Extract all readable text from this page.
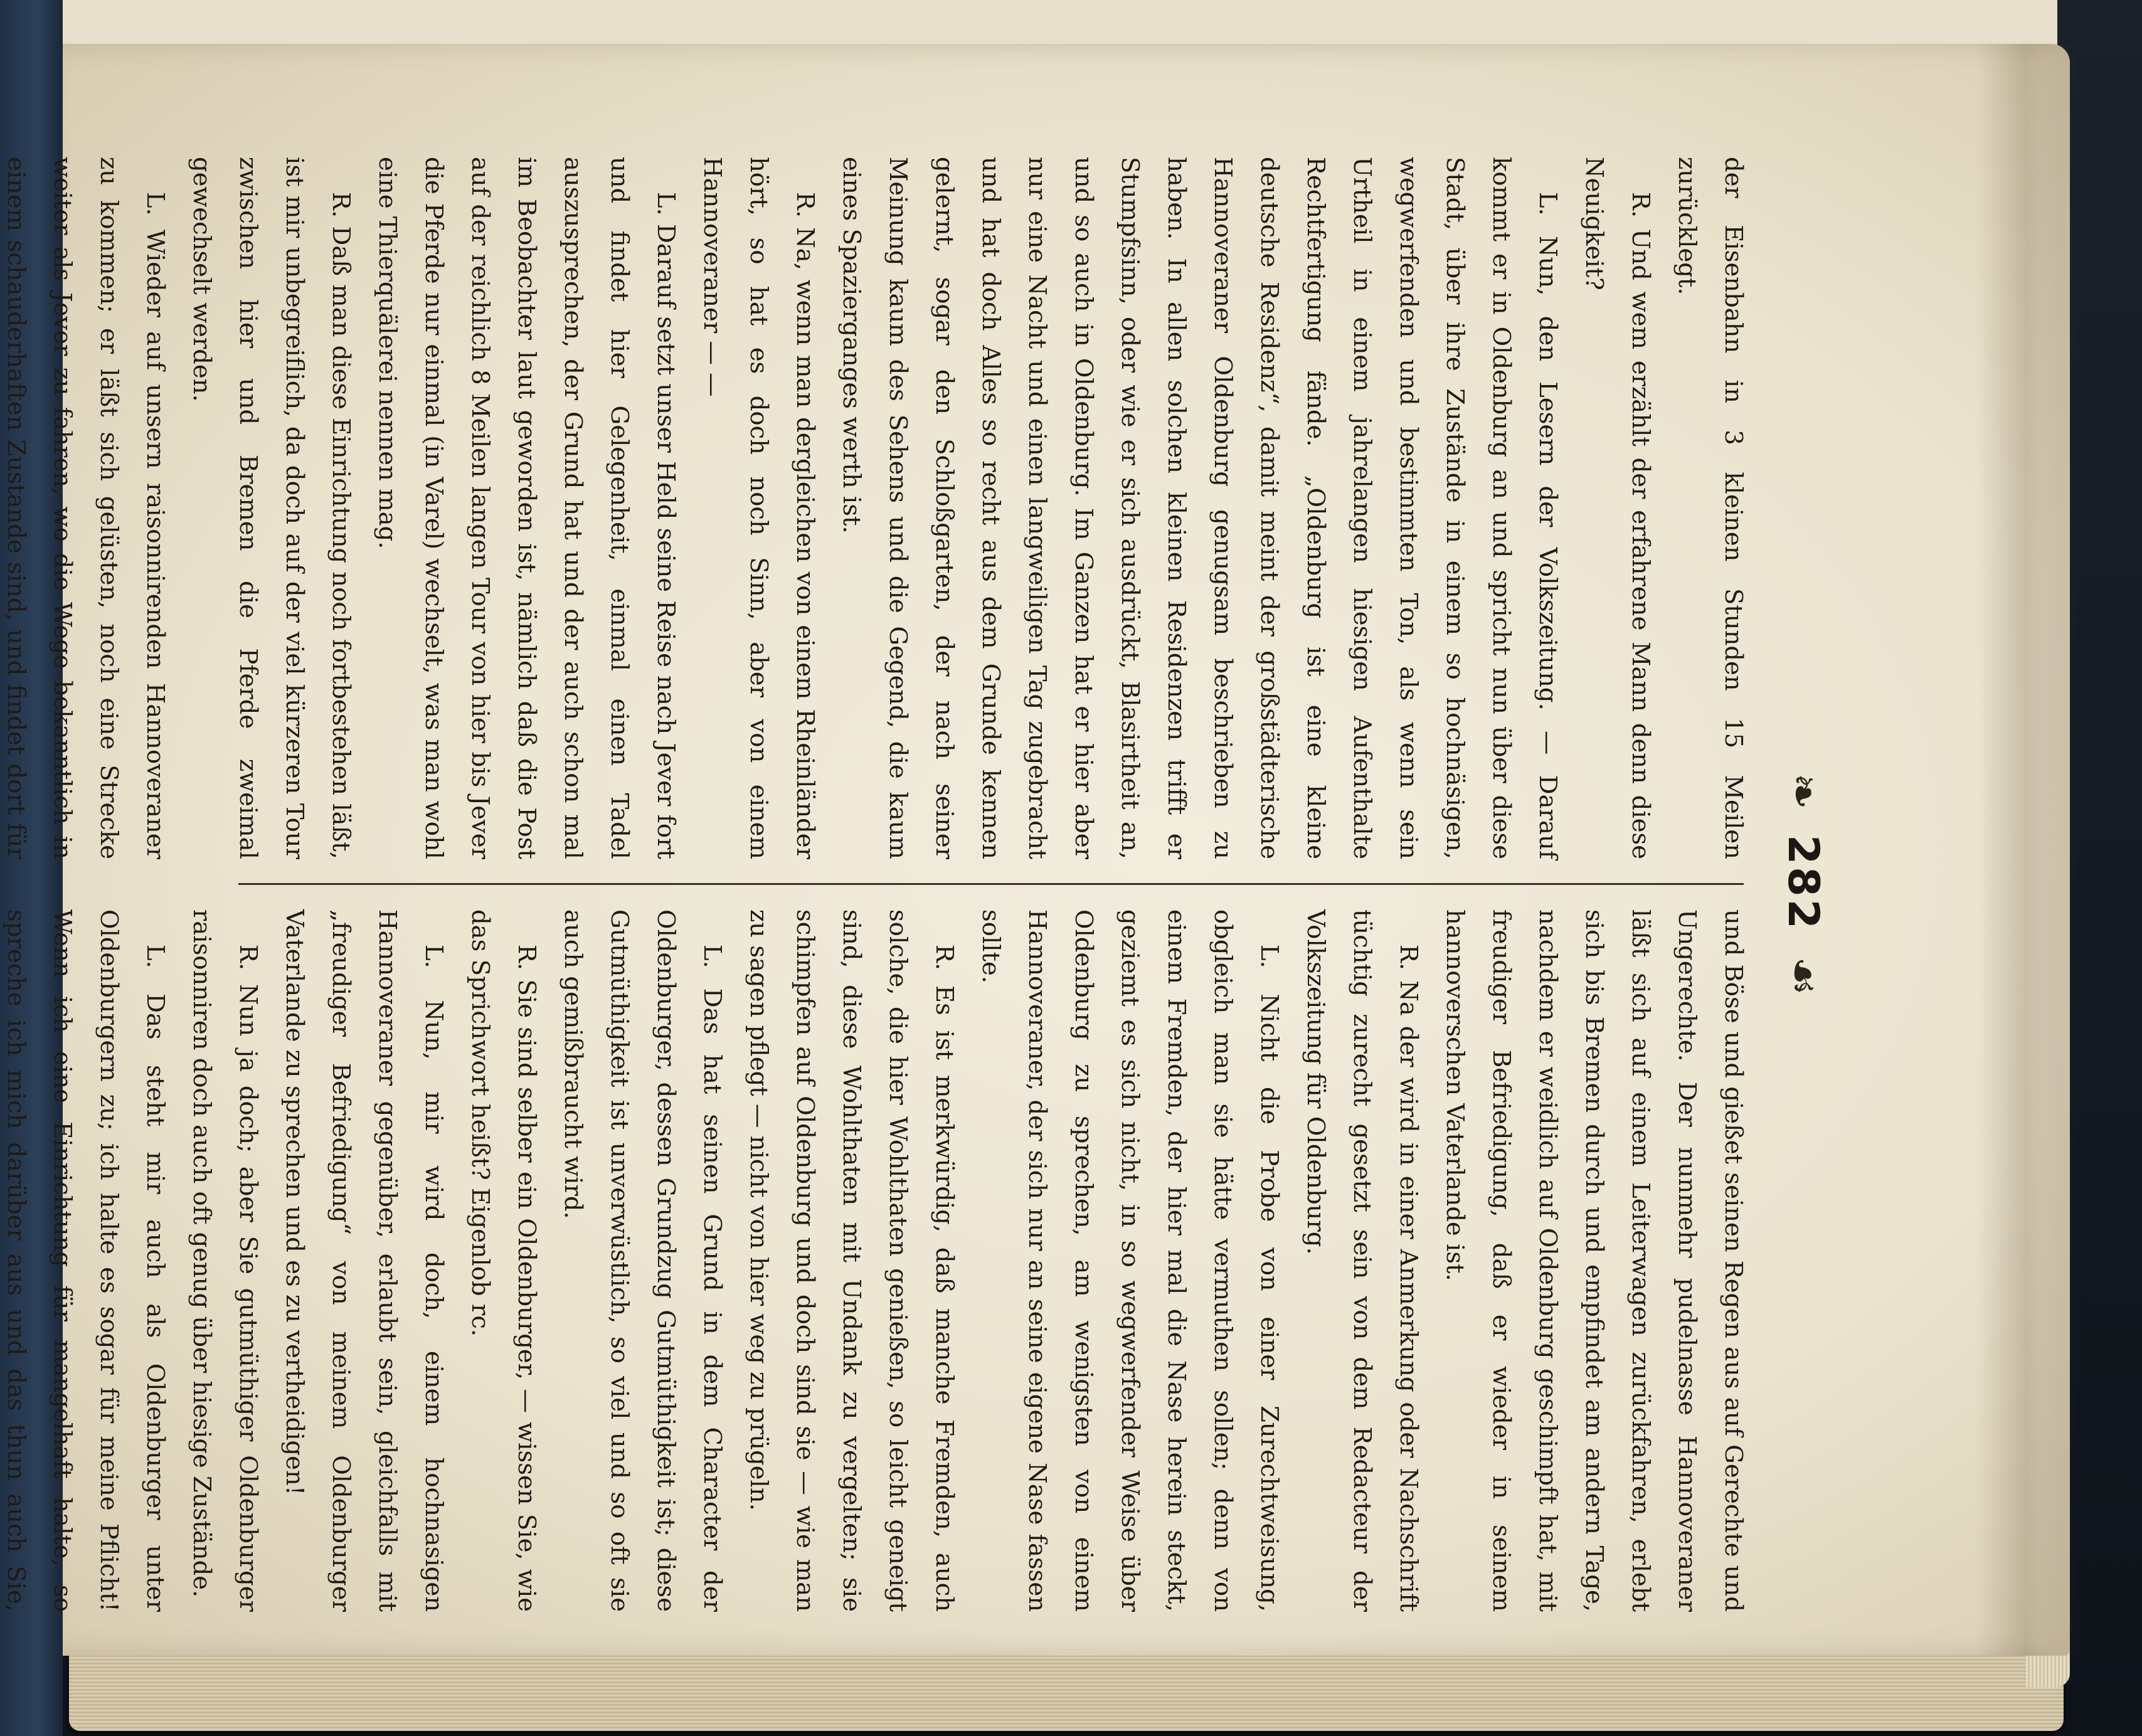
❧
282
☙

der Eisenbahn in 3 kleinen Stunden 15 Meilen zurücklegt.

R. Und wem erzählt der erfahrene Mann denn diese Neuigkeit?

L. Nun, den Lesern der Volkszeitung. — Darauf kommt er in Oldenburg an und spricht nun über diese Stadt, über ihre Zustände in einem so hochnäsigen, wegwerfenden und bestimmten Ton, als wenn sein Urtheil in einem jahrelangen hiesigen Aufenthalte Rechtfertigung fände. „Oldenburg ist eine kleine deutsche Residenz“, damit meint der großstädterische Hannoveraner Oldenburg genugsam beschrieben zu haben. In allen solchen kleinen Residenzen trifft er Stumpfsinn, oder wie er sich ausdrückt, Blasirtheit an, und so auch in Oldenburg. Im Ganzen hat er hier aber nur eine Nacht und einen langweiligen Tag zugebracht und hat doch Alles so recht aus dem Grunde kennen gelernt, sogar den Schloßgarten, der nach seiner Meinung kaum des Sehens und die Gegend, die kaum eines Spazierganges werth ist.

R. Na, wenn man dergleichen von einem Rheinländer hört, so hat es doch noch Sinn, aber von einem Hannoveraner — —

L. Darauf setzt unser Held seine Reise nach Jever fort und findet hier Gelegenheit, einmal einen Tadel auszusprechen, der Grund hat und der auch schon mal im Beobachter laut geworden ist, nämlich daß die Post auf der reichlich 8 Meilen langen Tour von hier bis Jever die Pferde nur einmal (in Varel) wechselt, was man wohl eine Thierquälerei nennen mag.

R. Daß man diese Einrichtung noch fortbestehen läßt, ist mir unbegreiflich, da doch auf der viel kürzeren Tour zwischen hier und Bremen die Pferde zweimal gewechselt werden.

L. Wieder auf unsern raisonnirenden Hannoveraner zu kommen; er läßt sich gelüsten, noch eine Strecke weiter als Jever zu fahren, wo die Wege bekanntlich in einem schauderhaften Zustande sind, und findet dort für

und Böse und gießet seinen Regen aus auf Gerechte und Ungerechte. Der nunmehr pudelnasse Hannoveraner läßt sich auf einem Leiterwagen zurückfahren, erlebt sich bis Bremen durch und empfindet am andern Tage, nachdem er weidlich auf Oldenburg geschimpft hat, mit freudiger Befriedigung, daß er wieder in seinem hannoverschen Vaterlande ist.

R. Na der wird in einer Anmerkung oder Nachschrift tüchtig zurecht gesetzt sein von dem Redacteur der Volkszeitung für Oldenburg.

L. Nicht die Probe von einer Zurechtweisung, obgleich man sie hätte vermuthen sollen; denn von einem Fremden, der hier mal die Nase herein steckt, geziemt es sich nicht, in so wegwerfender Weise über Oldenburg zu sprechen, am wenigsten von einem Hannoveraner, der sich nur an seine eigene Nase fassen sollte.

R. Es ist merkwürdig, daß manche Fremden, auch solche, die hier Wohlthaten genießen, so leicht geneigt sind, diese Wohlthaten mit Undank zu vergelten; sie schimpfen auf Oldenburg und doch sind sie — wie man zu sagen pflegt — nicht von hier weg zu prügeln.

L. Das hat seinen Grund in dem Character der Oldenburger, dessen Grundzug Gutmüthigkeit ist; diese Gutmüthigkeit ist unverwüstlich, so viel und so oft sie auch gemißbraucht wird.

R. Sie sind selber ein Oldenburger, — wissen Sie, wie das Sprichwort heißt? Eigenlob rc.

L. Nun, mir wird doch, einem hochnasigen Hannoveraner gegenüber, erlaubt sein, gleichfalls mit „freudiger Befriedigung“ von meinem Oldenburger Vaterlande zu sprechen und es zu vertheidigen!

R. Nun ja doch; aber Sie gutmüthiger Oldenburger raisonniren doch auch oft genug über hiesige Zustände.

L. Das steht mir auch als Oldenburger unter Oldenburgern zu; ich halte es sogar für meine Pflicht! Wenn ich eine Einrichtung für mangelhaft halte, so spreche ich mich darüber aus und das thun auch Sie,
